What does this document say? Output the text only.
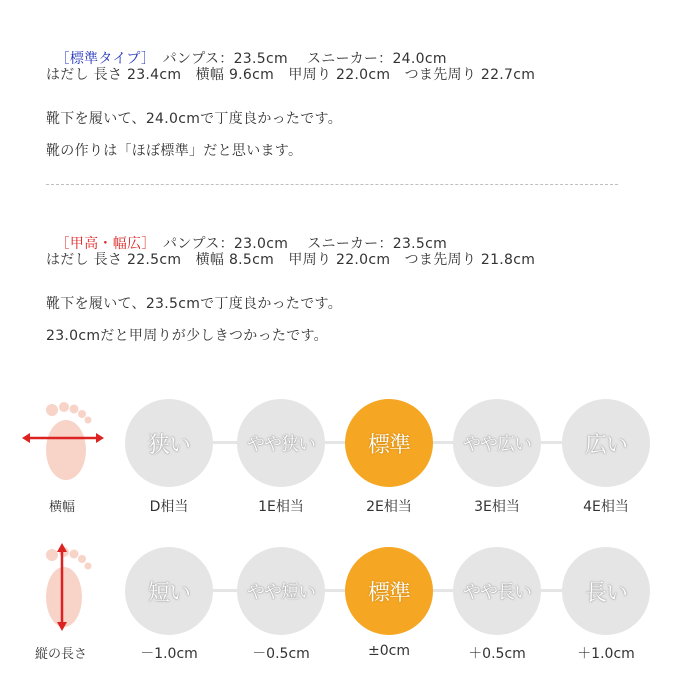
［標準タイプ］　 パンプス：23.5cm　 スニーカー：24.0cm

はだし 長さ 23.4cm　横幅 9.6cm　甲周り 22.0cm　つま先周り 22.7cm
靴下を履いて、24.0cmで丁度良かったです。
靴の作りは「ほぼ標準」だと思います。

［甲高・幅広］　 パンプス：23.0cm　 スニーカー：23.5cm

はだし 長さ 22.5cm　横幅 8.5cm　甲周り 22.0cm　つま先周り 21.8cm
靴下を履いて、23.5cmで丁度良かったです。
23.0cmだと甲周りが少しきつかったです。
横幅
狭い	やや狭い	標準	やや広い	広い
D相当	1E相当	2E相当	3E相当	4E相当
縦の長さ
短い	やや短い	標準	やや長い	長い
－1.0cm	－0.5cm	±0cm	＋0.5cm	＋1.0cm
